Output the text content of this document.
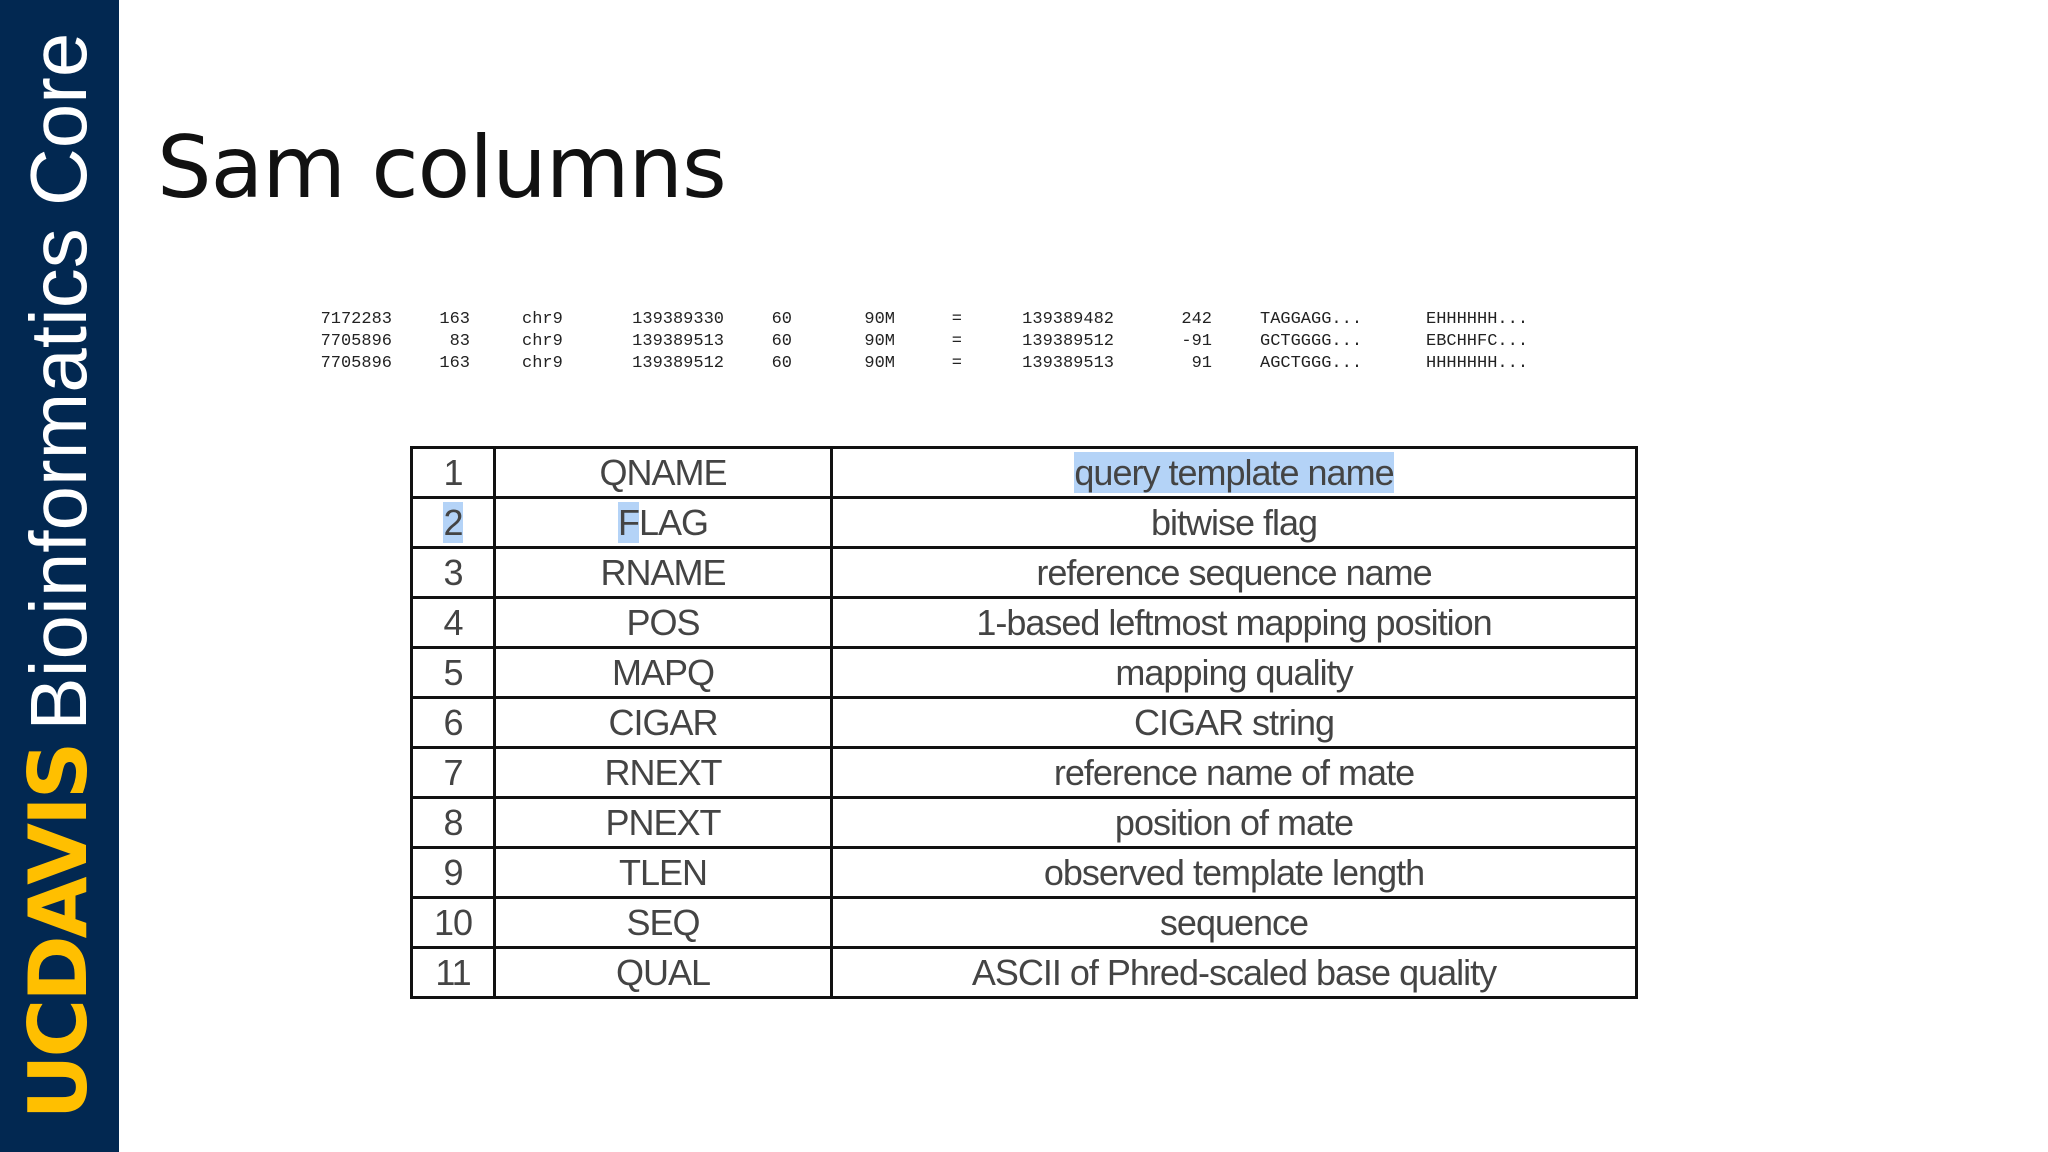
UCDAVISBioinformatics Core Sam columns
7172283	163	chr9	139389330	60	90M	=	139389482	242	TAGGAGG...	EHHHHHH...
7705896	83	chr9	139389513	60	90M	=	139389512	-91	GCTGGGG...	EBCHHFC...
7705896	163	chr9	139389512	60	90M	=	139389513	91	AGCTGGG...	HHHHHHH...
1	QNAME	query template name
2	FLAG	bitwise flag
3	RNAME	reference sequence name
4	POS	1-based leftmost mapping position
5	MAPQ	mapping quality
6	CIGAR	CIGAR string
7	RNEXT	reference name of mate
8	PNEXT	position of mate
9	TLEN	observed template length
10	SEQ	sequence
11	QUAL	ASCII of Phred-scaled base quality
